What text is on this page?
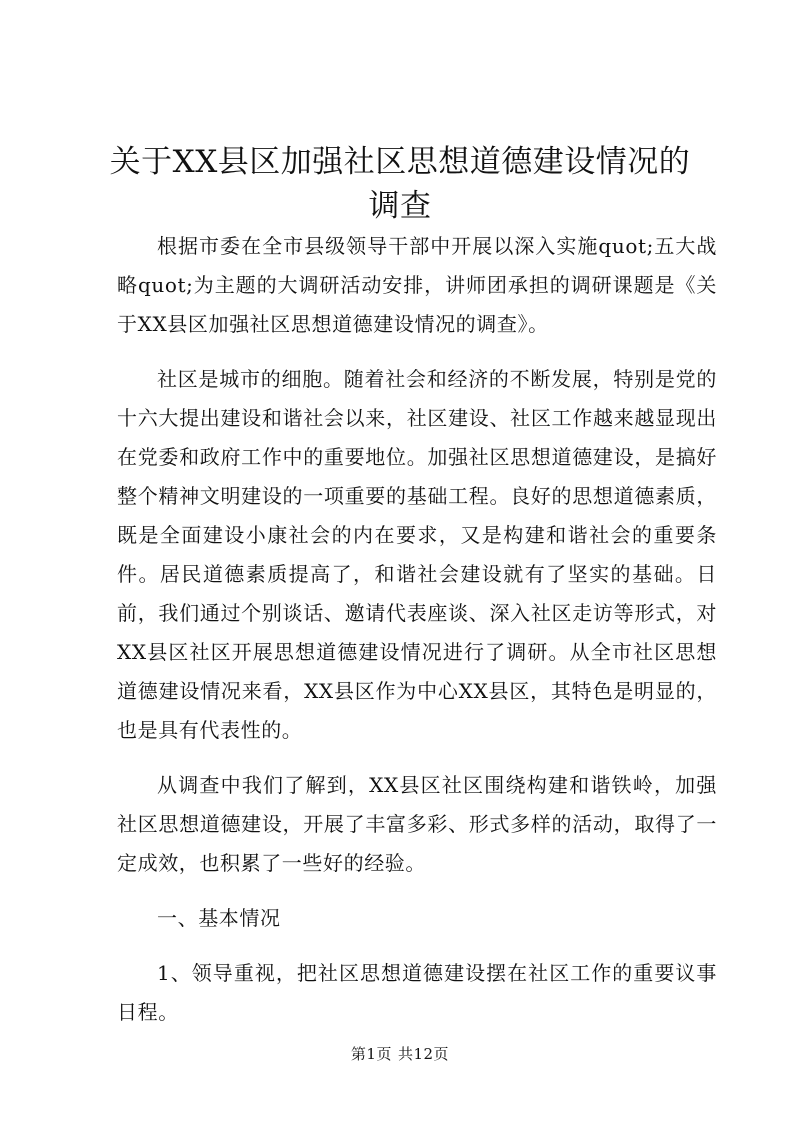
关于XX县区加强社区思想道德建设情况的调查

根据市委在全市县级领导干部中开展以深入实施quot;五大战略quot;为主题的大调研活动安排，讲师团承担的调研课题是《关于XX县区加强社区思想道德建设情况的调查》。

社区是城市的细胞。随着社会和经济的不断发展，特别是党的十六大提出建设和谐社会以来，社区建设、社区工作越来越显现出在党委和政府工作中的重要地位。加强社区思想道德建设，是搞好整个精神文明建设的一项重要的基础工程。良好的思想道德素质，既是全面建设小康社会的内在要求，又是构建和谐社会的重要条件。居民道德素质提高了，和谐社会建设就有了坚实的基础。日前，我们通过个别谈话、邀请代表座谈、深入社区走访等形式，对XX县区社区开展思想道德建设情况进行了调研。从全市社区思想道德建设情况来看，XX县区作为中心XX县区，其特色是明显的，也是具有代表性的。

从调查中我们了解到，XX县区社区围绕构建和谐铁岭，加强社区思想道德建设，开展了丰富多彩、形式多样的活动，取得了一定成效，也积累了一些好的经验。

一、基本情况

1、领导重视，把社区思想道德建设摆在社区工作的重要议事日程。

第1页 共12页
